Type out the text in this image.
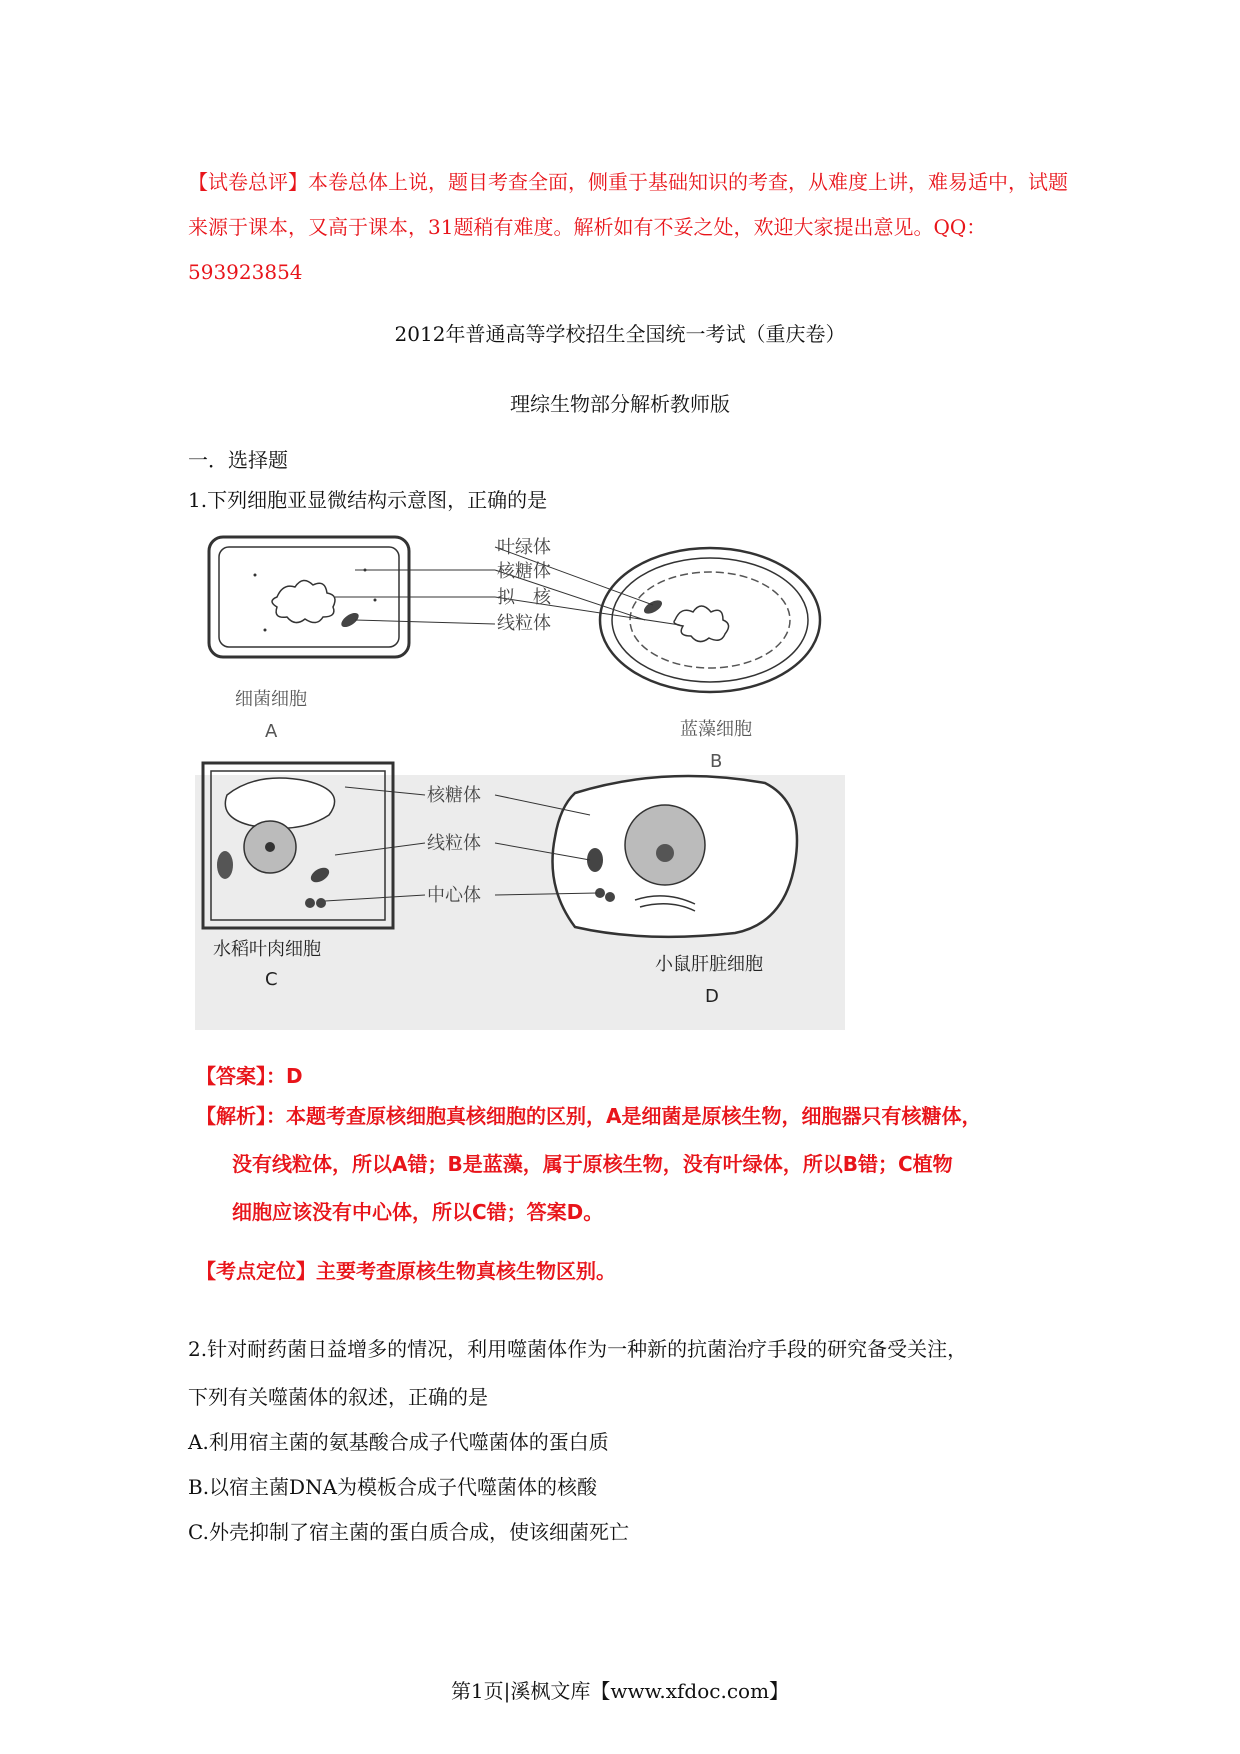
【试卷总评】本卷总体上说，题目考查全面，侧重于基础知识的考查，从难度上讲，难易适中，试题来源于课本，又高于课本，31题稍有难度。解析如有不妥之处，欢迎大家提出意见。QQ：593923854
2012年普通高等学校招生全国统一考试（重庆卷）
理综生物部分解析教师版
一．选择题
1.下列细胞亚显微结构示意图，正确的是
叶绿体
核糖体
拟　核
线粒体
细菌细胞
A	蓝藻细胞
B
核糖体
线粒体
中心体
水稻叶肉细胞
C
小鼠肝脏细胞
D
【答案】：D
【解析】：本题考查原核细胞真核细胞的区别，A是细菌是原核生物，细胞器只有核糖体，
没有线粒体，所以A错；B是蓝藻，属于原核生物，没有叶绿体，所以B错；C植物
细胞应该没有中心体，所以C错；答案D。
【考点定位】主要考查原核生物真核生物区别。
2.针对耐药菌日益增多的情况，利用噬菌体作为一种新的抗菌治疗手段的研究备受关注，
下列有关噬菌体的叙述，正确的是
A.利用宿主菌的氨基酸合成子代噬菌体的蛋白质
B.以宿主菌DNA为模板合成子代噬菌体的核酸
C.外壳抑制了宿主菌的蛋白质合成，使该细菌死亡
第1页|溪枫文库【www.xfdoc.com】
